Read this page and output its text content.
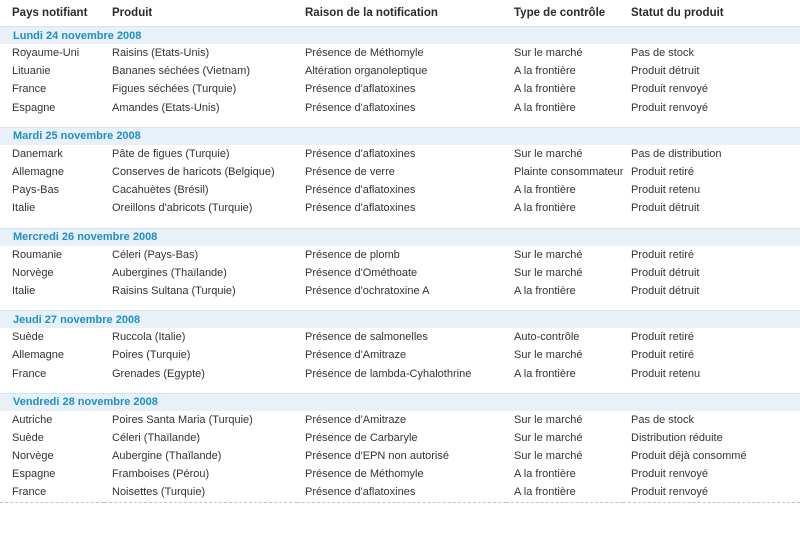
Pays notifiant	Produit	Raison de la notification	Type de contrôle	Statut du produit
Lundi 24 novembre 2008				
Royaume-Uni	Raisins (Etats-Unis)	Présence de Méthomyle	Sur le marché	Pas de stock
Lituanie	Bananes séchées (Vietnam)	Altération organoleptique	A la frontière	Produit détruit
France	Figues séchées (Turquie)	Présence d'aflatoxines	A la frontière	Produit renvoyé
Espagne	Amandes (Etats-Unis)	Présence d'aflatoxines	A la frontière	Produit renvoyé

Mardi 25 novembre 2008				
Danemark	Pâte de figues (Turquie)	Présence d'aflatoxines	Sur le marché	Pas de distribution
Allemagne	Conserves de haricots (Belgique)	Présence de verre	Plainte consommateur	Produit retiré
Pays-Bas	Cacahuètes (Brésil)	Présence d'aflatoxines	A la frontière	Produit retenu
Italie	Oreillons d'abricots (Turquie)	Présence d'aflatoxines	A la frontière	Produit détruit

Mercredi 26 novembre 2008				
Roumanie	Céleri (Pays-Bas)	Présence de plomb	Sur le marché	Produit retiré
Norvège	Aubergines (Thaïlande)	Présence d'Ométhoate	Sur le marché	Produit détruit
Italie	Raisins Sultana (Turquie)	Présence d'ochratoxine A	A la frontière	Produit détruit

Jeudi 27 novembre 2008				
Suède	Ruccola (Italie)	Présence de salmonelles	Auto-contrôle	Produit retiré
Allemagne	Poires (Turquie)	Présence d'Amitraze	Sur le marché	Produit retiré
France	Grenades (Egypte)	Présence de lambda-Cyhalothrine	A la frontière	Produit retenu

Vendredi 28 novembre 2008				
Autriche	Poires Santa Maria (Turquie)	Présence d'Amitraze	Sur le marché	Pas de stock
Suède	Céleri (Thaïlande)	Présence de Carbaryle	Sur le marché	Distribution réduite
Norvège	Aubergine (Thaïlande)	Présence d'EPN non autorisé	Sur le marché	Produit déjà consommé
Espagne	Framboises (Pérou)	Présence de Méthomyle	A la frontière	Produit renvoyé
France	Noisettes (Turquie)	Présence d'aflatoxines	A la frontière	Produit renvoyé
